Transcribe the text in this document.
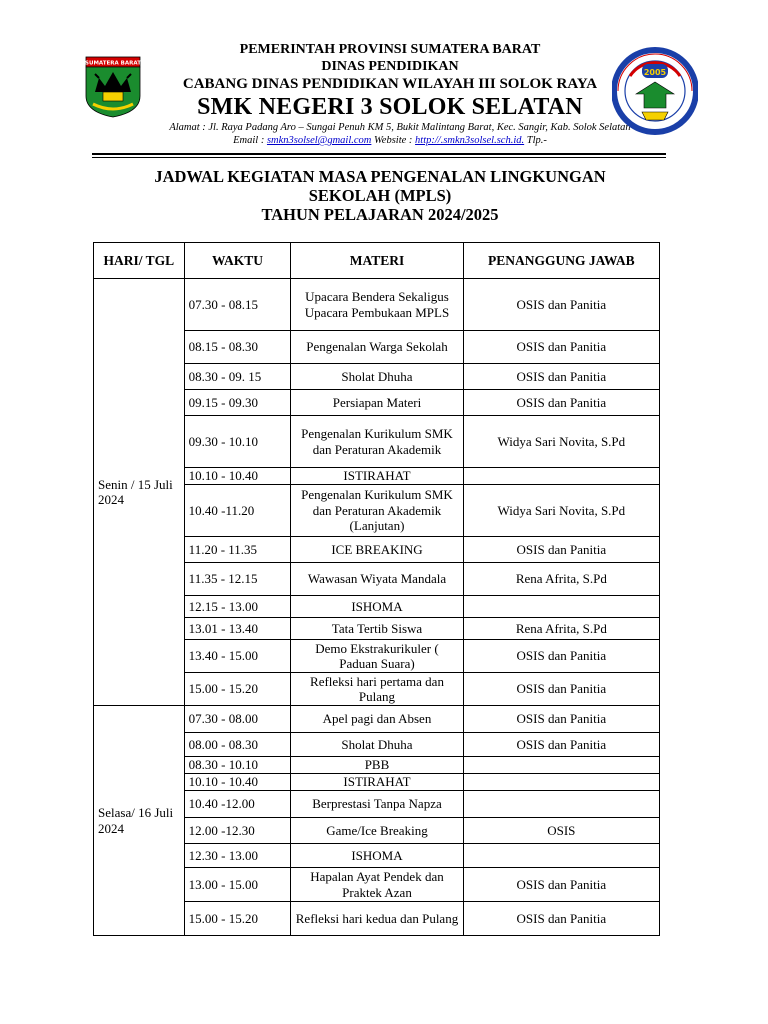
SUMATERA BARAT
PEMERINTAH PROVINSI SUMATERA BARAT
DINAS PENDIDIKAN
CABANG DINAS PENDIDIKAN WILAYAH III SOLOK RAYA
SMK NEGERI 3 SOLOK SELATAN
Alamat : Jl. Raya Padang Aro – Sungai Penuh KM 5, Bukit Malintang Barat, Kec. Sangir, Kab. Solok Selatan
Email : smkn3solsel@gmail.com Website : http://.smkn3solsel.sch.id. Tlp.-
2005
JADWAL KEGIATAN MASA PENGENALAN LINGKUNGAN
SEKOLAH (MPLS)
TAHUN PELAJARAN 2024/2025
HARI/ TGL	WAKTU	MATERI	PENANGGUNG JAWAB
Senin / 15 Juli 2024	07.30 - 08.15	Upacara Bendera Sekaligus Upacara Pembukaan MPLS	OSIS dan Panitia
	08.15 - 08.30	Pengenalan Warga Sekolah	OSIS dan Panitia
	08.30 - 09. 15	Sholat Dhuha	OSIS dan Panitia
	09.15 - 09.30	Persiapan Materi	OSIS dan Panitia
	09.30 - 10.10	Pengenalan Kurikulum SMK dan Peraturan Akademik	Widya Sari Novita, S.Pd
	10.10 - 10.40	ISTIRAHAT	
	10.40 -11.20	Pengenalan Kurikulum SMK dan Peraturan Akademik (Lanjutan)	Widya Sari Novita, S.Pd
	11.20 - 11.35	ICE BREAKING	OSIS dan Panitia
	11.35 - 12.15	Wawasan Wiyata Mandala	Rena Afrita, S.Pd
	12.15 - 13.00	ISHOMA	
	13.01 - 13.40	Tata Tertib Siswa	Rena Afrita, S.Pd
	13.40 - 15.00	Demo Ekstrakurikuler ( Paduan Suara)	OSIS dan Panitia
	15.00 - 15.20	Refleksi hari pertama dan Pulang	OSIS dan Panitia
Selasa/ 16 Juli 2024	07.30 - 08.00	Apel pagi dan Absen	OSIS dan Panitia
	08.00 - 08.30	Sholat Dhuha	OSIS dan Panitia
	08.30 - 10.10	PBB	
	10.10 - 10.40	ISTIRAHAT	
	10.40 -12.00	Berprestasi Tanpa Napza	
	12.00 -12.30	Game/Ice Breaking	OSIS
	12.30 - 13.00	ISHOMA	
	13.00 - 15.00	Hapalan Ayat Pendek dan Praktek Azan	OSIS dan Panitia
	15.00 - 15.20	Refleksi hari kedua dan Pulang	OSIS dan Panitia
